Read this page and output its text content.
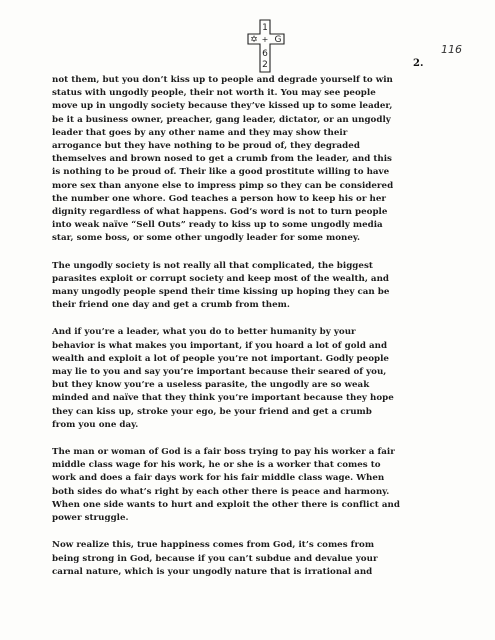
1
✡ + G
6
2
116
2.

not them, but you don’t kiss up to people and degrade yourself to win
status with ungodly people, their not worth it. You may see people
move up in ungodly society because they’ve kissed up to some leader,
be it a business owner, preacher, gang leader, dictator, or an ungodly
leader that goes by any other name and they may show their
arrogance but they have nothing to be proud of, they degraded
themselves and brown nosed to get a crumb from the leader, and this
is nothing to be proud of. Their like a good prostitute willing to have
more sex than anyone else to impress pimp so they can be considered
the number one whore. God teaches a person how to keep his or her
dignity regardless of what happens. God’s word is not to turn people
into weak naïve “Sell Outs” ready to kiss up to some ungodly media
star, some boss, or some other ungodly leader for some money.

The ungodly society is not really all that complicated, the biggest
parasites exploit or corrupt society and keep most of the wealth, and
many ungodly people spend their time kissing up hoping they can be
their friend one day and get a crumb from them.

And if you’re a leader, what you do to better humanity by your
behavior is what makes you important, if you hoard a lot of gold and
wealth and exploit a lot of people you’re not important. Godly people
may lie to you and say you’re important because their seared of you,
but they know you’re a useless parasite, the ungodly are so weak
minded and naïve that they think you’re important because they hope
they can kiss up, stroke your ego, be your friend and get a crumb
from you one day.

The man or woman of God is a fair boss trying to pay his worker a fair
middle class wage for his work, he or she is a worker that comes to
work and does a fair days work for his fair middle class wage. When
both sides do what’s right by each other there is peace and harmony.
When one side wants to hurt and exploit the other there is conflict and
power struggle.

Now realize this, true happiness comes from God, it’s comes from
being strong in God, because if you can’t subdue and devalue your
carnal nature, which is your ungodly nature that is irrational and
